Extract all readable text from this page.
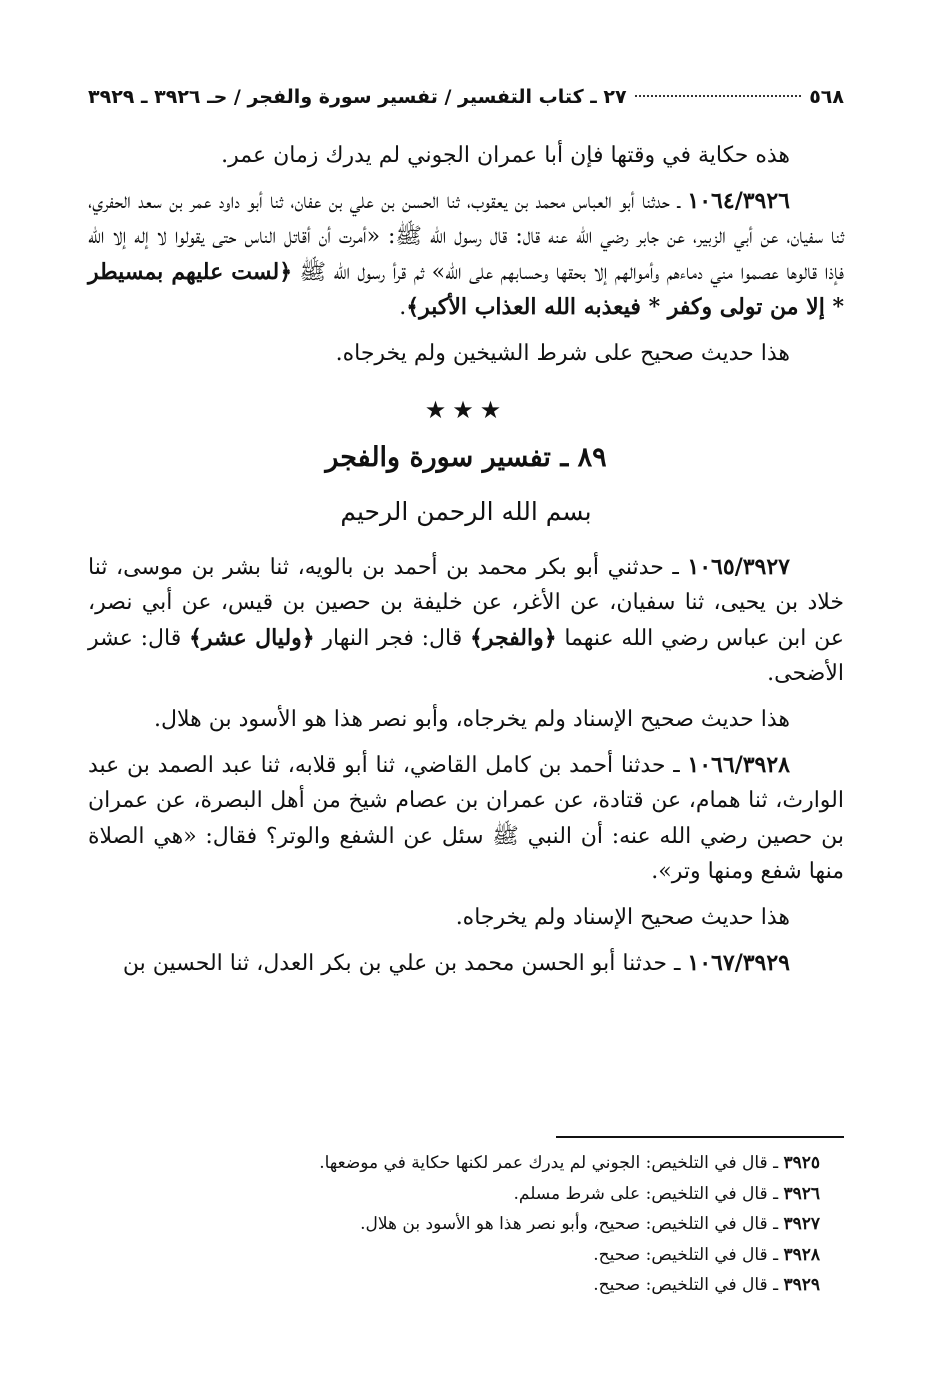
٥٦٨
٢٧ ـ كتاب التفسير / تفسير سورة والفجر / حـ ٣٩٢٦ ـ ٣٩٢٩

هذه حكاية في وقتها فإن أبا عمران الجوني لم يدرك زمان عمر.

١٠٦٤/٣٩٢٦ ـ حدثنا أبو العباس محمد بن يعقوب، ثنا الحسن بن علي بن عفان، ثنا أبو داود عمر بن سعد الحفري، ثنا سفيان، عن أبي الزبير، عن جابر رضي الله عنه قال: قال رسول الله ﷺ: «أمرت أن أقاتل الناس حتى يقولوا لا إله إلا الله فإذا قالوها عصموا مني دماءهم وأموالهم إلا بحقها وحسابهم على الله» ثم قرأ رسول الله ﷺ ﴿لست عليهم بمسيطر * إلا من تولى وكفر * فيعذبه الله العذاب الأكبر﴾.

هذا حديث صحيح على شرط الشيخين ولم يخرجاه.

★★★
٨٩ ـ تفسير سورة والفجر
بسم الله الرحمن الرحيم

١٠٦٥/٣٩٢٧ ـ حدثني أبو بكر محمد بن أحمد بن بالويه، ثنا بشر بن موسى، ثنا خلاد بن يحيى، ثنا سفيان، عن الأغر، عن خليفة بن حصين بن قيس، عن أبي نصر، عن ابن عباس رضي الله عنهما ﴿والفجر﴾ قال: فجر النهار ﴿وليال عشر﴾ قال: عشر الأضحى.

هذا حديث صحيح الإسناد ولم يخرجاه، وأبو نصر هذا هو الأسود بن هلال.

١٠٦٦/٣٩٢٨ ـ حدثنا أحمد بن كامل القاضي، ثنا أبو قلابه، ثنا عبد الصمد بن عبد الوارث، ثنا همام، عن قتادة، عن عمران بن عصام شيخ من أهل البصرة، عن عمران بن حصين رضي الله عنه: أن النبي ﷺ سئل عن الشفع والوتر؟ فقال: «هي الصلاة منها شفع ومنها وتر».

هذا حديث صحيح الإسناد ولم يخرجاه.

١٠٦٧/٣٩٢٩ ـ حدثنا أبو الحسن محمد بن علي بن بكر العدل، ثنا الحسين بن

٣٩٢٥ ـ قال في التلخيص: الجوني لم يدرك عمر لكنها حكاية في موضعها.
٣٩٢٦ ـ قال في التلخيص: على شرط مسلم.
٣٩٢٧ ـ قال في التلخيص: صحيح، وأبو نصر هذا هو الأسود بن هلال.
٣٩٢٨ ـ قال في التلخيص: صحيح.
٣٩٢٩ ـ قال في التلخيص: صحيح.
